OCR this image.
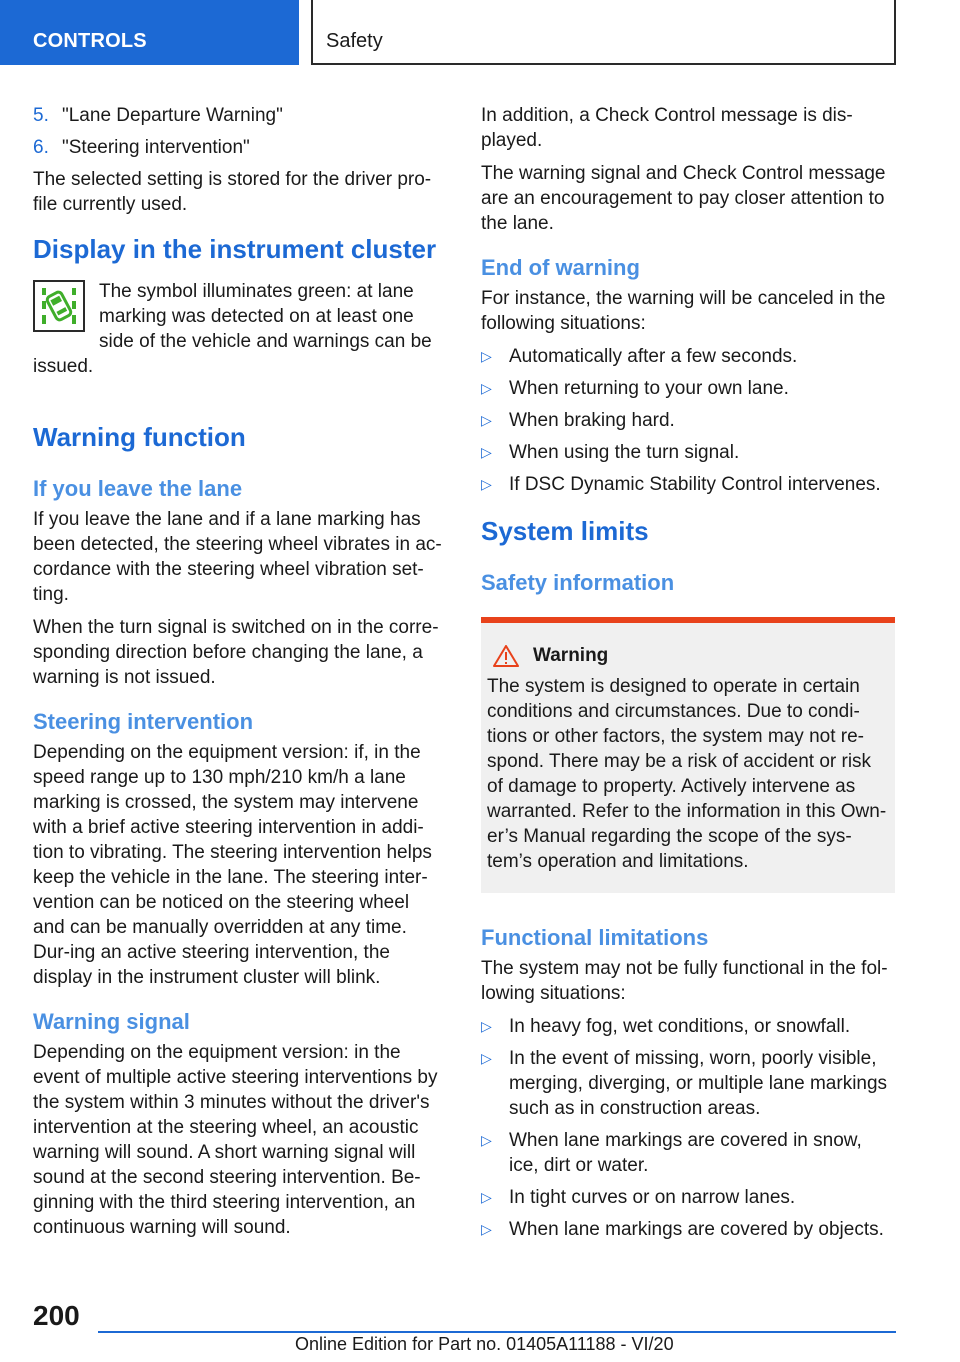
CONTROLS	Safety
5. "Lane Departure Warning"
6. "Steering intervention"

The selected setting is stored for the driver pro-file currently used.

Display in the instrument cluster
The symbol illuminates green: at lane marking was detected on at least one side of the vehicle and warnings can be issued.
Warning function
If you leave the lane

If you leave the lane and if a lane marking has been detected, the steering wheel vibrates in ac-cordance with the steering wheel vibration set-ting.

When the turn signal is switched on in the corre-sponding direction before changing the lane, a warning is not issued.

Steering intervention

Depending on the equipment version: if, in the speed range up to 130 mph/210 km/h a lane marking is crossed, the system may intervene with a brief active steering intervention in addi-tion to vibrating. The steering intervention helps keep the vehicle in the lane. The steering inter-vention can be noticed on the steering wheel and can be manually overridden at any time. Dur-ing an active steering intervention, the display in the instrument cluster will blink.

Warning signal

Depending on the equipment version: in the event of multiple active steering interventions by the system within 3 minutes without the driver's intervention at the steering wheel, an acoustic warning will sound. A short warning signal will sound at the second steering intervention. Be-ginning with the third steering intervention, an continuous warning will sound.

In addition, a Check Control message is dis-played.

The warning signal and Check Control message are an encouragement to pay closer attention to the lane.

End of warning

For instance, the warning will be canceled in the following situations:

▷ Automatically after a few seconds.
▷ When returning to your own lane.
▷ When braking hard.
▷ When using the turn signal.
▷ If DSC Dynamic Stability Control intervenes.
System limits
Safety information
Warning
The system is designed to operate in certain conditions and circumstances. Due to condi-tions or other factors, the system may not re-spond. There may be a risk of accident or risk of damage to property. Actively intervene as warranted. Refer to the information in this Own-er’s Manual regarding the scope of the sys-tem’s operation and limitations.
Functional limitations

The system may not be fully functional in the fol-lowing situations:

▷ In heavy fog, wet conditions, or snowfall.
▷ In the event of missing, worn, poorly visible, merging, diverging, or multiple lane markings such as in construction areas.
▷ When lane markings are covered in snow, ice, dirt or water.
▷ In tight curves or on narrow lanes.
▷ When lane markings are covered by objects.
200
Online Edition for Part no. 01405A11188 - VI/20
